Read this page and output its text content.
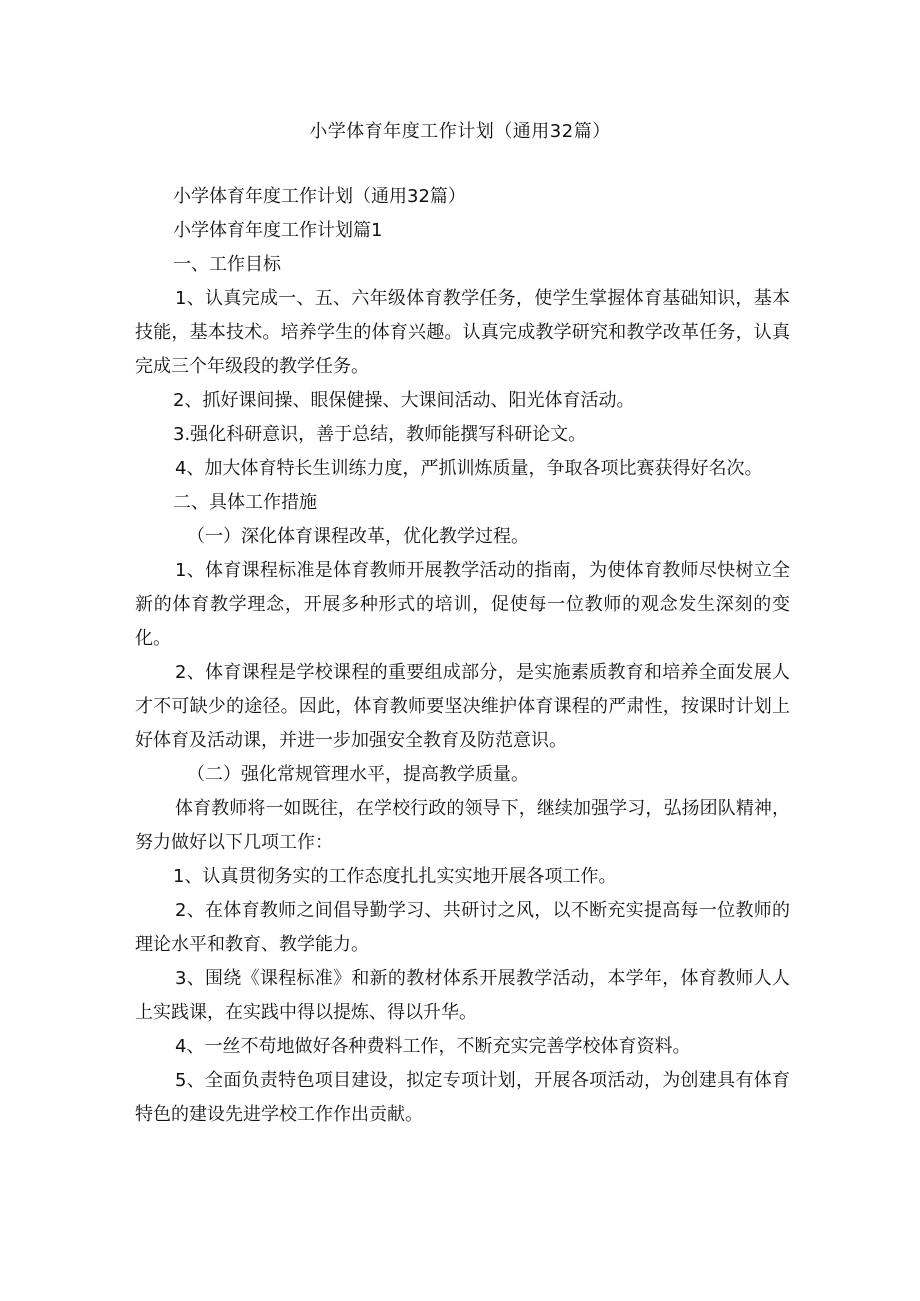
小学体育年度工作计划（通用32篇）

小学体育年度工作计划（通用32篇）

小学体育年度工作计划篇1

一、工作目标

1、认真完成一、五、六年级体育教学任务，使学生掌握体育基础知识，基本技能，基本技术。培养学生的体育兴趣。认真完成教学研究和教学改革任务，认真完成三个年级段的教学任务。

2、抓好课间操、眼保健操、大课间活动、阳光体育活动。

3.强化科研意识，善于总结，教师能撰写科研论文。

4、加大体育特长生训练力度，严抓训炼质量，争取各项比赛获得好名次。

二、具体工作措施

（一）深化体育课程改革，优化教学过程。

1、体育课程标准是体育教师开展教学活动的指南，为使体育教师尽快树立全新的体育教学理念，开展多种形式的培训，促使每一位教师的观念发生深刻的变化。

2、体育课程是学校课程的重要组成部分，是实施素质教育和培养全面发展人才不可缺少的途径。因此，体育教师要坚决维护体育课程的严肃性，按课时计划上好体育及活动课，并进一步加强安全教育及防范意识。

（二）强化常规管理水平，提高教学质量。

体育教师将一如既往，在学校行政的领导下，继续加强学习，弘扬团队精神，努力做好以下几项工作：

1、认真贯彻务实的工作态度扎扎实实地开展各项工作。

2、在体育教师之间倡导勤学习、共研讨之风，以不断充实提高每一位教师的理论水平和教育、教学能力。

3、围绕《课程标准》和新的教材体系开展教学活动，本学年，体育教师人人上实践课，在实践中得以提炼、得以升华。

4、一丝不苟地做好各种费料工作，不断充实完善学校体育资料。

5、全面负责特色项目建设，拟定专项计划，开展各项活动，为创建具有体育特色的建设先进学校工作作出贡献。
